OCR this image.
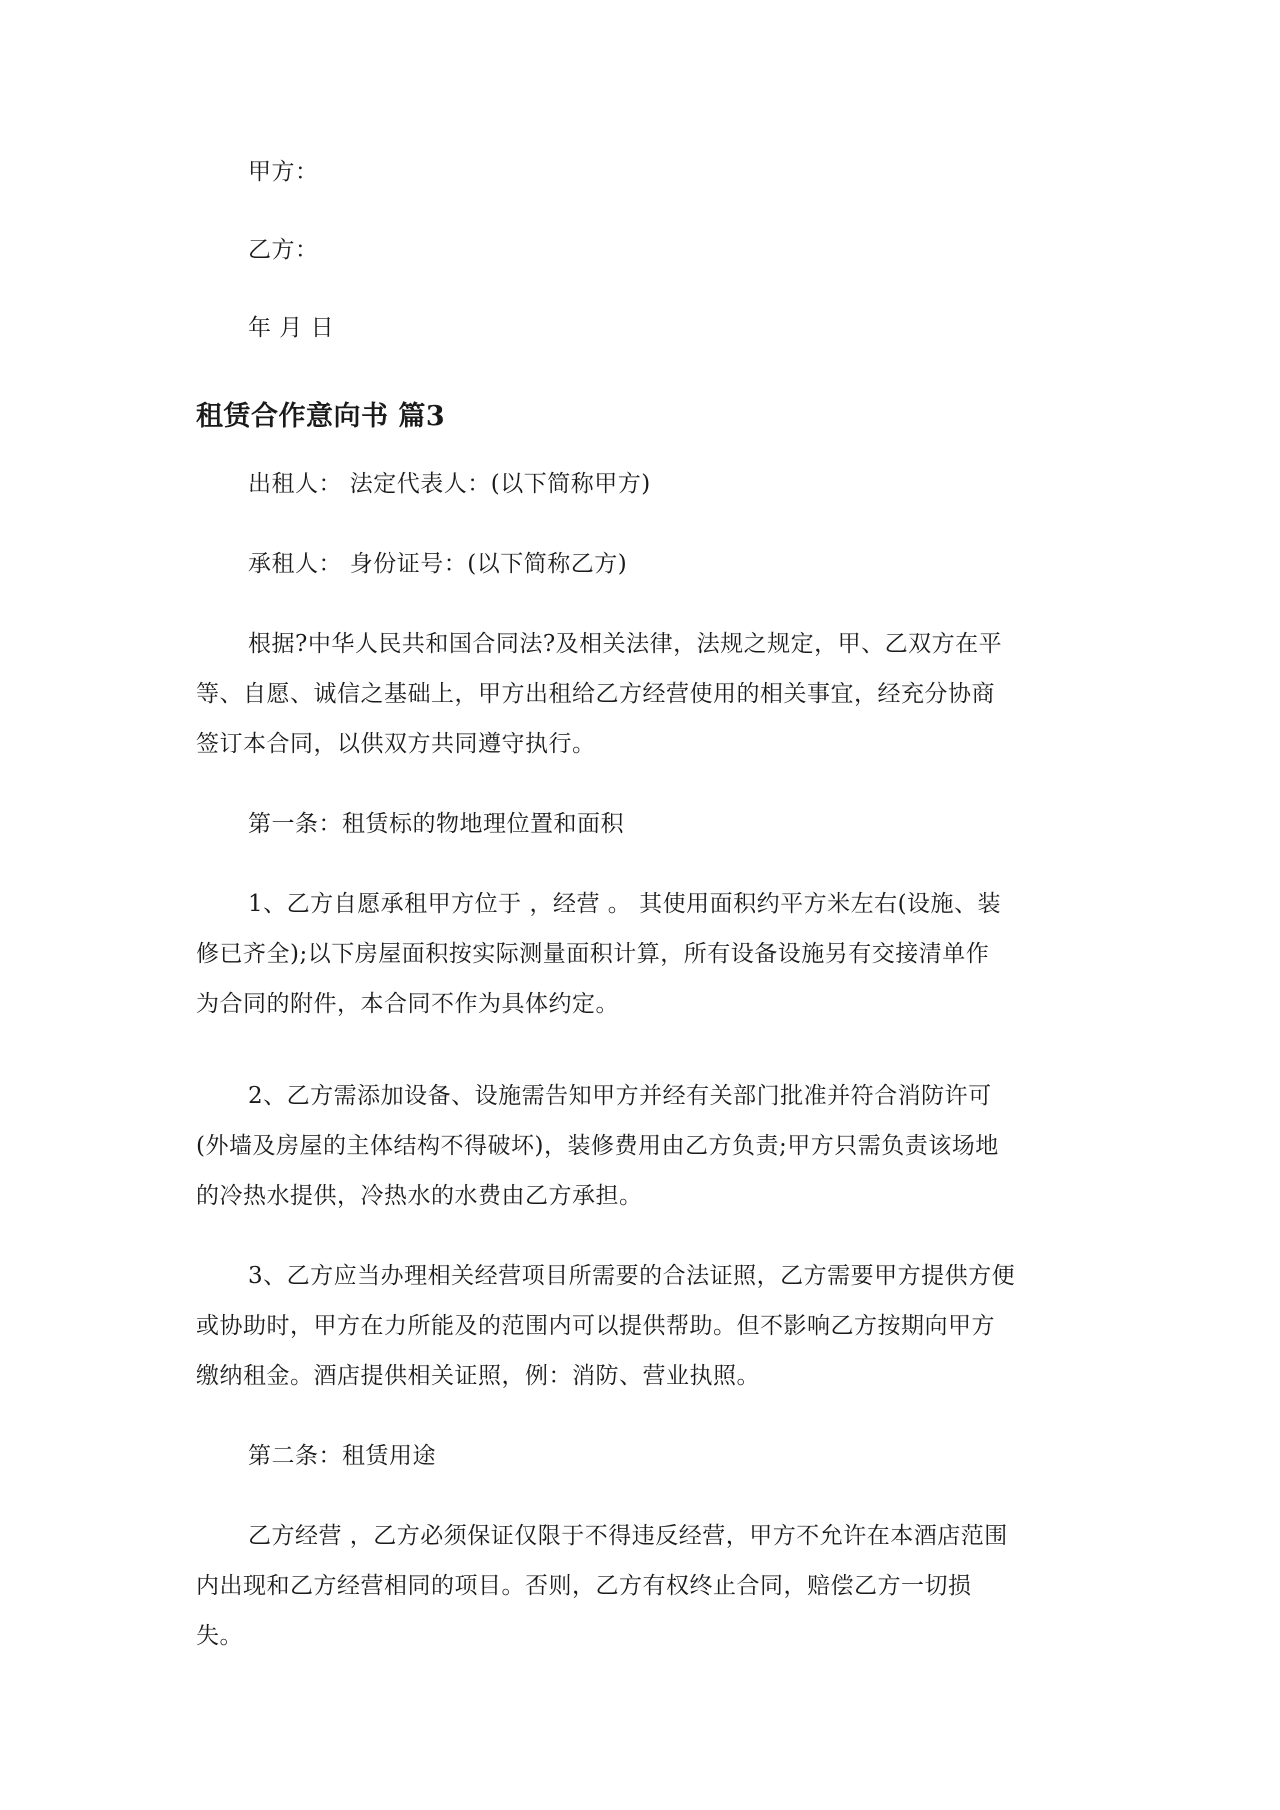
甲方：
乙方：
年 月 日
租赁合作意向书 篇3
出租人： 法定代表人：(以下简称甲方)
承租人： 身份证号：(以下简称乙方)
根据?中华人民共和国合同法?及相关法律，法规之规定，甲、乙双方在平
等、自愿、诚信之基础上，甲方出租给乙方经营使用的相关事宜，经充分协商
签订本合同，以供双方共同遵守执行。
第一条：租赁标的物地理位置和面积
1、乙方自愿承租甲方位于 ，经营 。 其使用面积约平方米左右(设施、装
修已齐全);以下房屋面积按实际测量面积计算，所有设备设施另有交接清单作
为合同的附件，本合同不作为具体约定。
2、乙方需添加设备、设施需告知甲方并经有关部门批准并符合消防许可
(外墙及房屋的主体结构不得破坏)，装修费用由乙方负责;甲方只需负责该场地
的冷热水提供，冷热水的水费由乙方承担。
3、乙方应当办理相关经营项目所需要的合法证照，乙方需要甲方提供方便
或协助时，甲方在力所能及的范围内可以提供帮助。但不影响乙方按期向甲方
缴纳租金。酒店提供相关证照，例：消防、营业执照。
第二条：租赁用途
乙方经营 ，乙方必须保证仅限于不得违反经营，甲方不允许在本酒店范围
内出现和乙方经营相同的项目。否则，乙方有权终止合同，赔偿乙方一切损
失。
